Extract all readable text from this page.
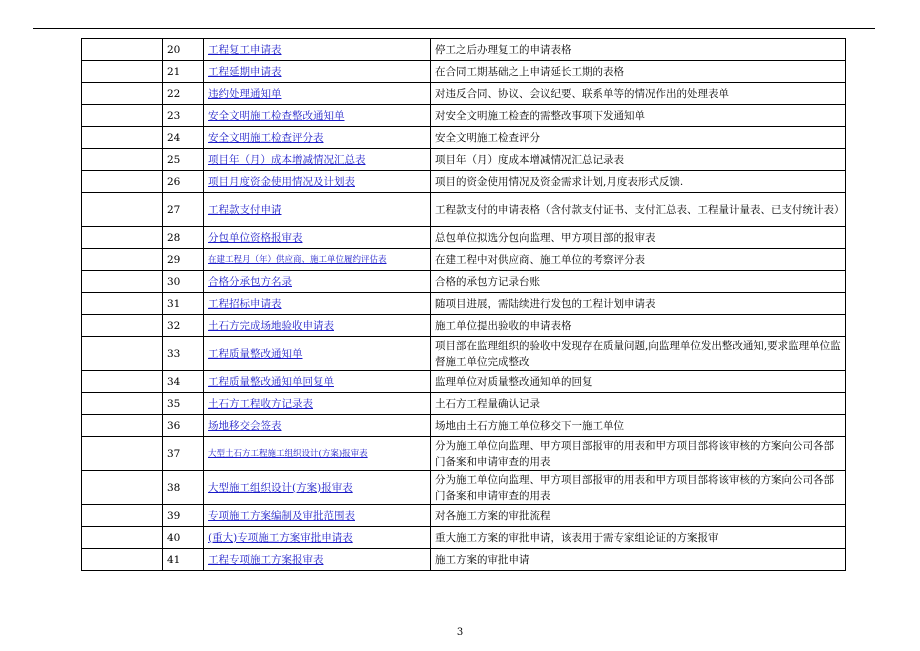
	20	工程复工申请表	停工之后办理复工的申请表格
	21	工程延期申请表	在合同工期基础之上申请延长工期的表格
	22	违约处理通知单	对违反合同、协议、会议纪要、联系单等的情况作出的处理表单
	23	安全文明施工检查整改通知单	对安全文明施工检查的需整改事项下发通知单
	24	安全文明施工检查评分表	安全文明施工检查评分
	25	项目年（月）成本增减情况汇总表	项目年（月）度成本增减情况汇总记录表
	26	项目月度资金使用情况及计划表	项目的资金使用情况及资金需求计划,月度表形式反馈.
	27	工程款支付申请	工程款支付的申请表格（含付款支付证书、支付汇总表、工程量计量表、已支付统计表）
	28	分包单位资格报审表	总包单位拟选分包向监理、甲方项目部的报审表
	29	在建工程月（年）供应商、施工单位履约评估表	在建工程中对供应商、施工单位的考察评分表
	30	合格分承包方名录	合格的承包方记录台账
	31	工程招标申请表	随项目进展，需陆续进行发包的工程计划申请表
	32	土石方完成场地验收申请表	施工单位提出验收的申请表格
	33	工程质量整改通知单	项目部在监理组织的验收中发现存在质量问题,向监理单位发出整改通知,要求监理单位监督施工单位完成整改
	34	工程质量整改通知单回复单	监理单位对质量整改通知单的回复
	35	土石方工程收方记录表	土石方工程量确认记录
	36	场地移交会签表	场地由土石方施工单位移交下一施工单位
	37	大型土石方工程施工组织设计(方案)报审表	分为施工单位向监理、甲方项目部报审的用表和甲方项目部将该审核的方案向公司各部门备案和申请审查的用表
	38	大型施工组织设计(方案)报审表	分为施工单位向监理、甲方项目部报审的用表和甲方项目部将该审核的方案向公司各部门备案和申请审查的用表
	39	专项施工方案编制及审批范围表	对各施工方案的审批流程
	40	(重大)专项施工方案审批申请表	重大施工方案的审批申请，该表用于需专家组论证的方案报审
	41	工程专项施工方案报审表	施工方案的审批申请
3
